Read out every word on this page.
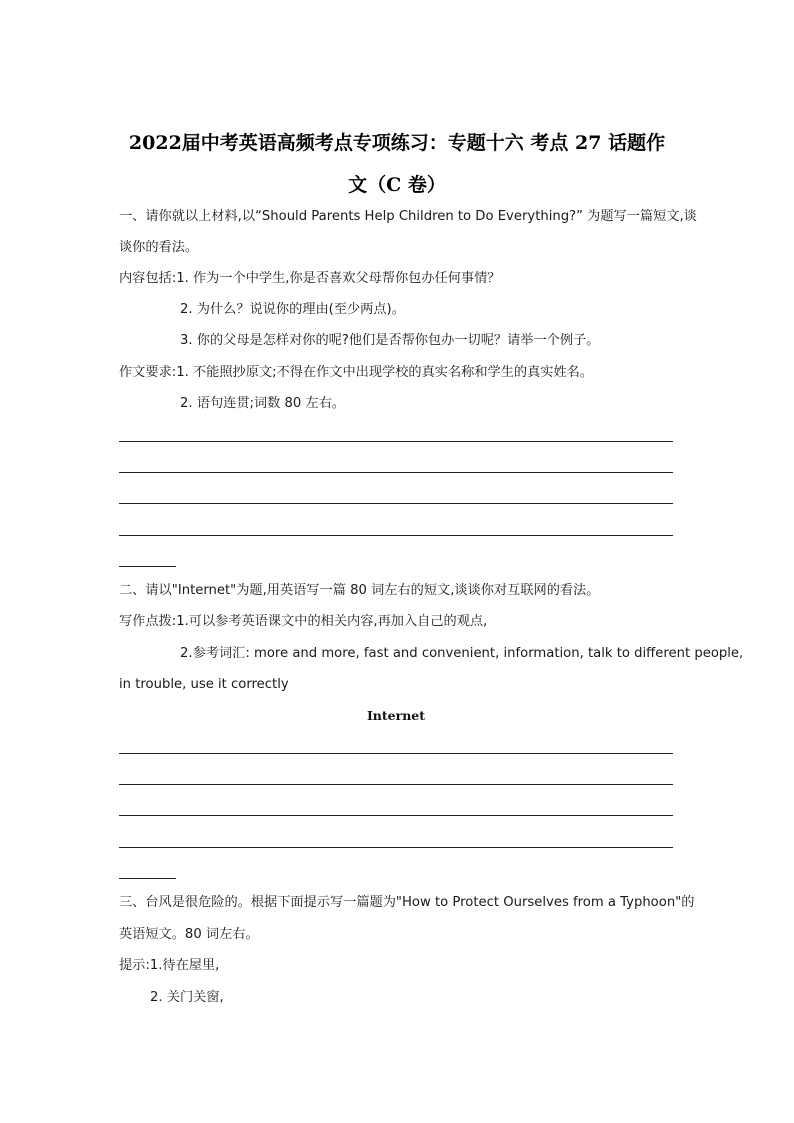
2022届中考英语高频考点专项练习：专题十六 考点 27 话题作
文（C 卷）
一、请你就以上材料,以“Should Parents Help Children to Do Everything?” 为题写一篇短文,谈
谈你的看法。
内容包括:1. 作为一个中学生,你是否喜欢父母帮你包办任何事情？
2. 为什么？说说你的理由(至少两点)。
3. 你的父母是怎样对你的呢?他们是否帮你包办一切呢？请举一个例子。
作文要求:1. 不能照抄原文;不得在作文中出现学校的真实名称和学生的真实姓名。
2. 语句连贯;词数 80 左右。
二、请以"Internet"为题,用英语写一篇 80 词左右的短文,谈谈你对互联网的看法。
写作点拨:1.可以参考英语课文中的相关内容,再加入自己的观点,
2.参考词汇: more and more, fast and convenient, information, talk to different people,
in trouble, use it correctly
Internet
三、台风是很危险的。根据下面提示写一篇题为"How to Protect Ourselves from a Typhoon"的
英语短文。80 词左右。
提示:1.待在屋里,
2. 关门关窗,
